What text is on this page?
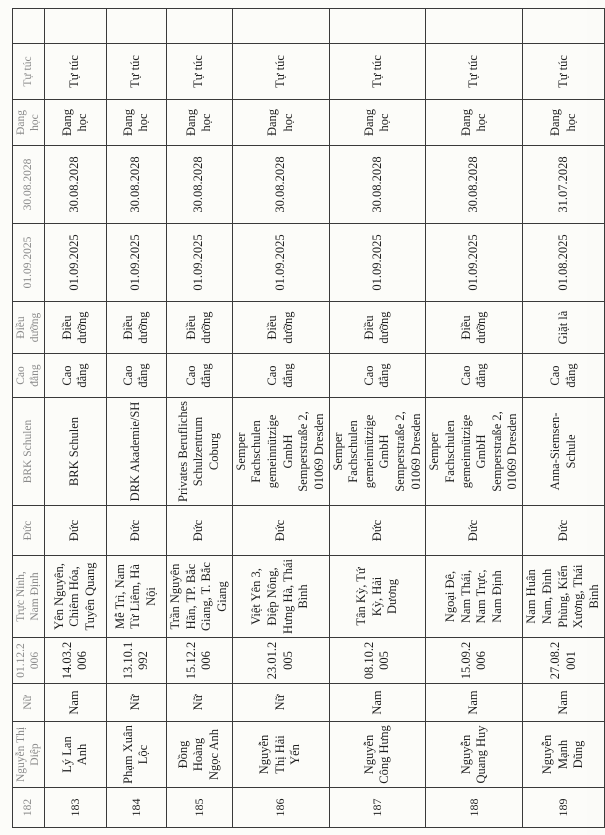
182	Nguyễn Thị Diệp	Nữ	01.12.2 006	Trực Ninh, Nam Định	Đức	BRK Schulen	Cao đẳng	Điều dưỡng	01.09.2025	30.08.2028	Đang học	Tự túc	
183	Lý Lan Anh	Nam	14.03.2 006	Yên Nguyên, Chiêm Hóa, Tuyên Quang	Đức	BRK Schulen	Cao đẳng	Điều dưỡng	01.09.2025	30.08.2028	Đang học	Tự túc	
184	Phạm Xuân Lộc	Nữ	13.10.1 992	Mễ Trì, Nam Từ Liêm, Hà Nội	Đức	DRK Akademie/SH	Cao đẳng	Điều dưỡng	01.09.2025	30.08.2028	Đang học	Tự túc	
185	Đồng Hoàng Ngọc Anh	Nữ	15.12.2 006	Trần Nguyên Hãn, TP. Bắc Giang, T. Bắc Giang	Đức	Privates Berufliches Schulzentrum Coburg	Cao đẳng	Điều dưỡng	01.09.2025	30.08.2028	Đang học	Tự túc	
186	Nguyễn Thị Hải Yến	Nữ	23.01.2 005	Việt Yên 3, Điệp Nông, Hưng Hà, Thái Bình	Đức	Semper Fachschulen gemeinnützige GmbH Semperstraße 2, 01069 Dresden	Cao đẳng	Điều dưỡng	01.09.2025	30.08.2028	Đang học	Tự túc	
187	Nguyễn Công Hưng	Nam	08.10.2 005	Tân Kỳ, Tứ Kỳ, Hải Dương	Đức	Semper Fachschulen gemeinnützige GmbH Semperstraße 2, 01069 Dresden	Cao đẳng	Điều dưỡng	01.09.2025	30.08.2028	Đang học	Tự túc	
188	Nguyễn Quang Huy	Nam	15.09.2 006	Ngoại Đê, Nam Thái, Nam Trực, Nam Định	Đức	Semper Fachschulen gemeinnützige GmbH Semperstraße 2, 01069 Dresden	Cao đẳng	Điều dưỡng	01.09.2025	30.08.2028	Đang học	Tự túc	
189	Nguyễn Mạnh Dũng	Nam	27.08.2 001	Nam Huân Nam, Đình Phùng, Kiến Xương, Thái Bình	Đức	Anna-Siemsen-Schule	Cao đẳng	Giặt là	01.08.2025	31.07.2028	Đang học	Tự túc	
